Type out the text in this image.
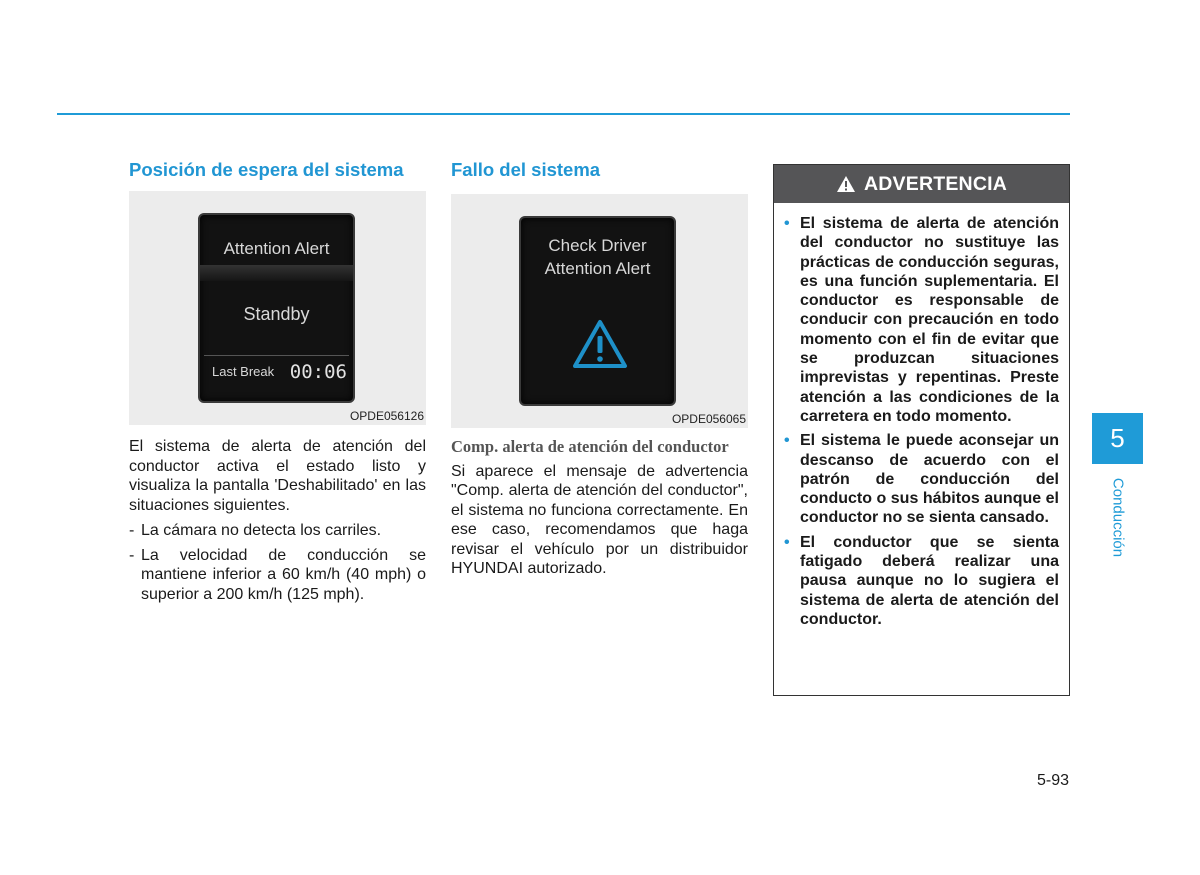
Posición de espera del sistema
Attention Alert
Standby
Last Break 00:06
OPDE056126

El sistema de alerta de atención del conductor activa el estado listo y visualiza la pantalla 'Deshabilitado' en las situaciones siguientes.

- La cámara no detecta los carriles.
- La velocidad de conducción se mantiene inferior a 60 km/h (40 mph) o superior a 200 km/h (125 mph).
Fallo del sistema
Check Driver
Attention Alert
OPDE056065
Comp. alerta de atención del conductor

Si aparece el mensaje de advertencia "Comp. alerta de atención del conductor", el sistema no funciona correctamente. En ese caso, recomendamos que haga revisar el vehículo por un distribuidor HYUNDAI autorizado.

ADVERTENCIA
• El sistema de alerta de atención del conductor no sustituye las prácticas de conducción seguras, es una función suplementaria. El conductor es responsable de conducir con precaución en todo momento con el fin de evitar que se produzcan situaciones imprevistas y repentinas. Preste atención a las condiciones de la carretera en todo momento.
• El sistema le puede aconsejar un descanso de acuerdo con el patrón de conducción del conducto o sus hábitos aunque el conductor no se sienta cansado.
• El conductor que se sienta fatigado deberá realizar una pausa aunque no lo sugiera el sistema de alerta de atención del conductor.
5
Conducción
5-93
